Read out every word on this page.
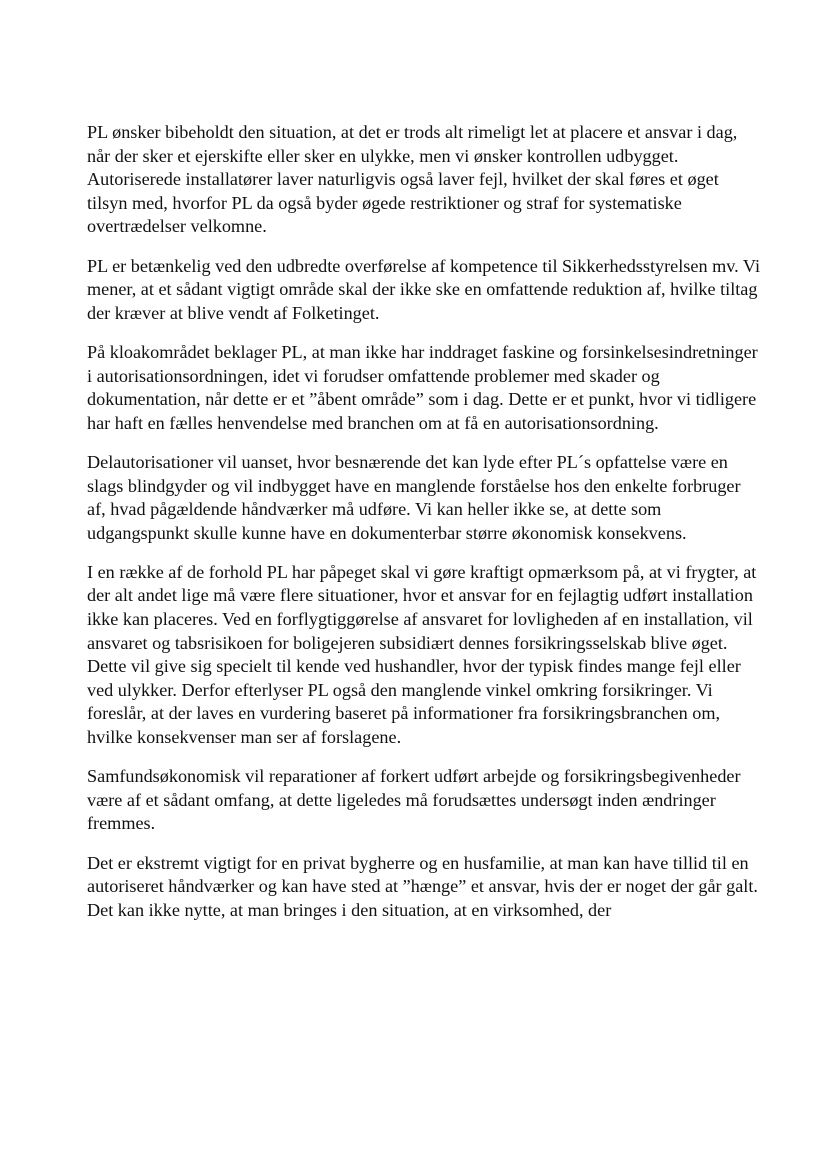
PL ønsker bibeholdt den situation, at det er trods alt rimeligt let at placere et ansvar i dag, når der sker et ejerskifte eller sker en ulykke, men vi ønsker kontrollen udbygget. Autoriserede installatører laver naturligvis også laver fejl, hvilket der skal føres et øget tilsyn med, hvorfor PL da også byder øgede restriktioner og straf for systematiske overtrædelser velkomne.

PL er betænkelig ved den udbredte overførelse af kompetence til Sikkerhedsstyrelsen mv. Vi mener, at et sådant vigtigt område skal der ikke ske en omfattende reduktion af, hvilke tiltag der kræver at blive vendt af Folketinget.

På kloakområdet beklager PL, at man ikke har inddraget faskine og forsinkelsesindretninger i autorisationsordningen, idet vi forudser omfattende problemer med skader og dokumentation, når dette er et ”åbent område” som i dag. Dette er et punkt, hvor vi tidligere har haft en fælles henvendelse med branchen om at få en autorisationsordning.

Delautorisationer vil uanset, hvor besnærende det kan lyde efter PL´s opfattelse være en slags blindgyder og vil indbygget have en manglende forståelse hos den enkelte forbruger af, hvad pågældende håndværker må udføre. Vi kan heller ikke se, at dette som udgangspunkt skulle kunne have en dokumenterbar større økonomisk konsekvens.

I en række af de forhold PL har påpeget skal vi gøre kraftigt opmærksom på, at vi frygter, at der alt andet lige må være flere situationer, hvor et ansvar for en fejlagtig udført installation ikke kan placeres. Ved en forflygtiggørelse af ansvaret for lovligheden af en installation, vil ansvaret og tabsrisikoen for boligejeren subsidiært dennes forsikringsselskab blive øget. Dette vil give sig specielt til kende ved hushandler, hvor der typisk findes mange fejl eller ved ulykker. Derfor efterlyser PL også den manglende vinkel omkring forsikringer. Vi foreslår, at der laves en vurdering baseret på informationer fra forsikringsbranchen om, hvilke konsekvenser man ser af forslagene.

Samfundsøkonomisk vil reparationer af forkert udført arbejde og forsikringsbegivenheder være af et sådant omfang, at dette ligeledes må forudsættes undersøgt inden ændringer fremmes.

Det er ekstremt vigtigt for en privat bygherre og en husfamilie, at man kan have tillid til en autoriseret håndværker og kan have sted at ”hænge” et ansvar, hvis der er noget der går galt. Det kan ikke nytte, at man bringes i den situation, at en virksomhed, der
